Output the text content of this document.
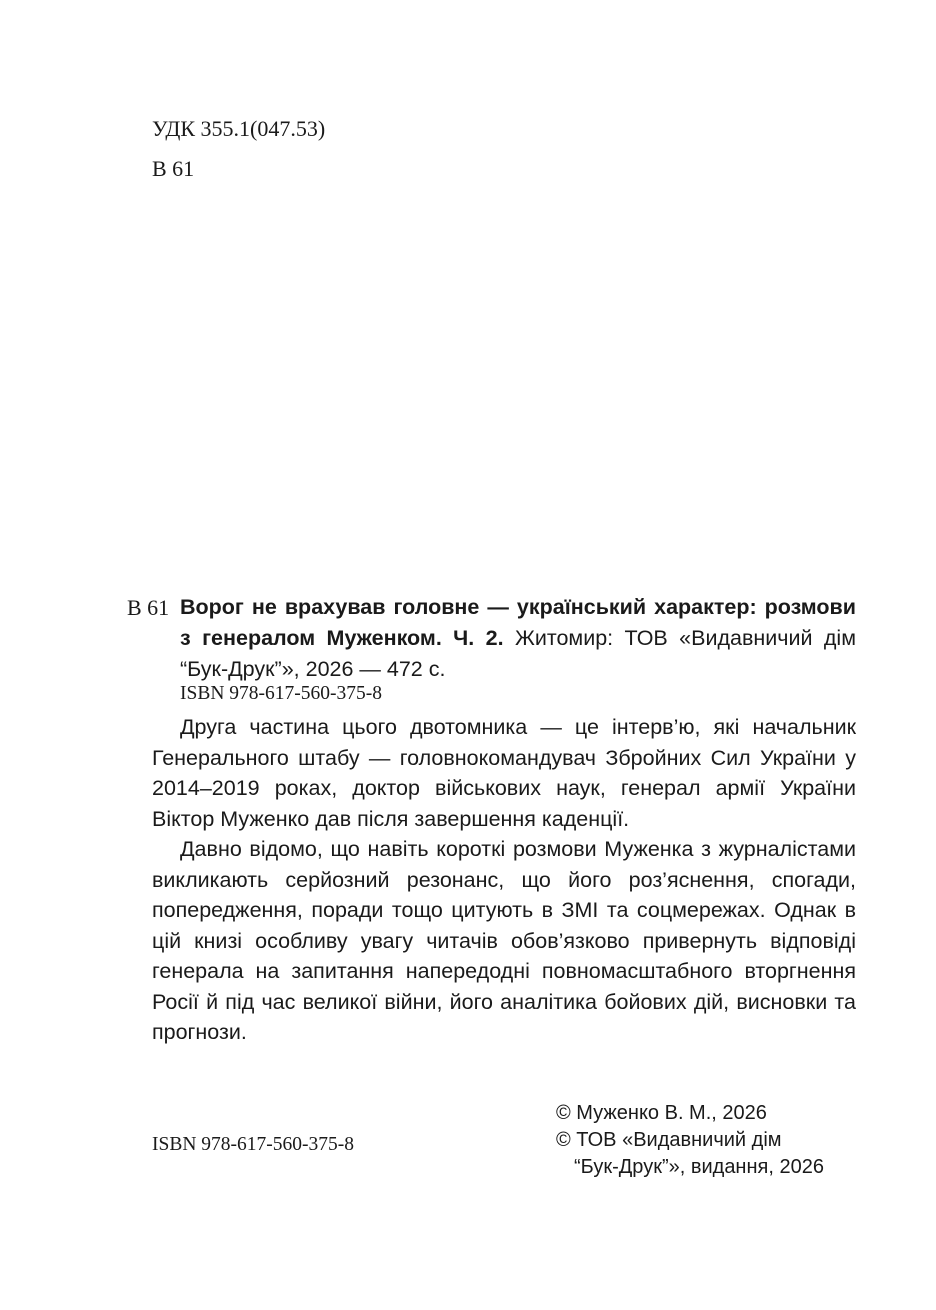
УДК 355.1(047.53)
В 61
В 61 Ворог не врахував головне — український характер: розмови з генералом Муженком. Ч. 2. Житомир: ТОВ «Видавничий дім “Бук-Друк”», 2026 — 472 с.
ISBN 978-617-560-375-8

Друга частина цього двотомника — це інтерв’ю, які начальник Генерального штабу — головнокомандувач Збройних Сил України у 2014–2019 роках, доктор військових наук, генерал армії України Віктор Муженко дав після завершення каденції.

Давно відомо, що навіть короткі розмови Муженка з журналістами викликають серйозний резонанс, що його роз’яснення, спогади, попередження, поради тощо цитують в ЗМІ та соцмережах. Однак в цій книзі особливу увагу читачів обов’язково привернуть відповіді генерала на запитання напередодні повномасштабного вторгнення Росії й під час великої війни, його аналітика бойових дій, висновки та прогнози.

ISBN 978-617-560-375-8
© Муженко В. М., 2026
© ТОВ «Видавничий дім
“Бук-Друк”», видання, 2026
